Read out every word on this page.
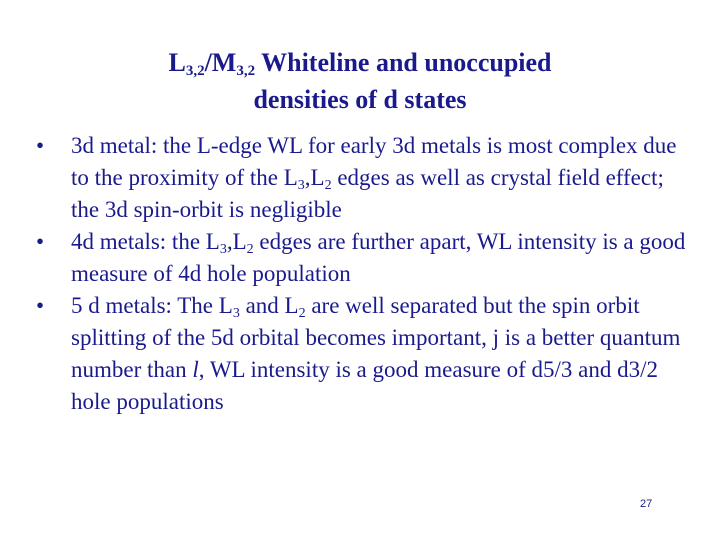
$L_{3,2}/M_{3,2}$ Whiteline and unoccupied
densities of d states
• 3d metal: the L-edge WL for early 3d metals is most complex due to the proximity of the $L_3,L_2$ edges as well as crystal field effect; the 3d spin-orbit is negligible
• 4d metals: the $L_3,L_2$ edges are further apart, WL intensity is a good measure of 4d hole population
• 5 d metals: The $L_3$ and $L_2$ are well separated but the spin orbit splitting of the 5d orbital becomes important, j is a better quantum number than l, WL intensity is a good measure of d5/3 and d3/2 hole populations
27
